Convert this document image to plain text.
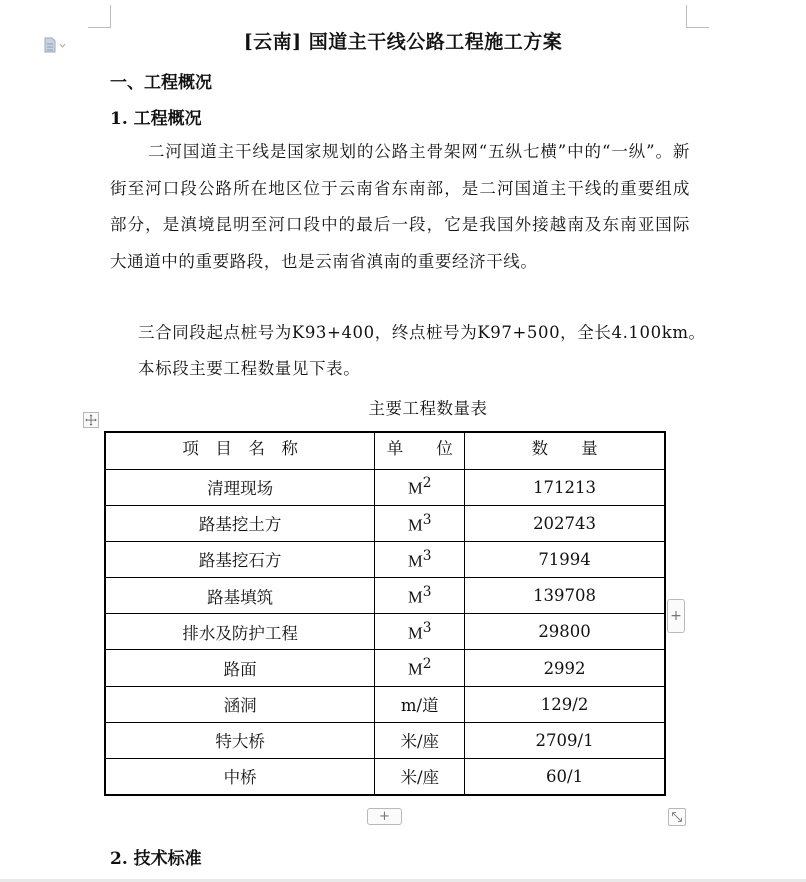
[云南] 国道主干线公路工程施工方案
一、工程概况
1. 工程概况
二河国道主干线是国家规划的公路主骨架网“五纵七横”中的“一纵”。新街至河口段公路所在地区位于云南省东南部，是二河国道主干线的重要组成部分，是滇境昆明至河口段中的最后一段，它是我国外接越南及东南亚国际大通道中的重要路段，也是云南省滇南的重要经济干线。
三合同段起点桩号为K93+400，终点桩号为K97+500，全长4.100km。
本标段主要工程数量见下表。
主要工程数量表
项　目　名　称	单　　位	数　　量
清理现场	$M^2$	171213
路基挖土方	$M^3$	202743
路基挖石方	$M^3$	71994
路基填筑	$M^3$	139708
排水及防护工程	$M^3$	29800
路面	$M^2$	2992
涵洞	m/道	129/2
特大桥	米/座	2709/1
中桥	米/座	60/1
+
+
2. 技术标准
